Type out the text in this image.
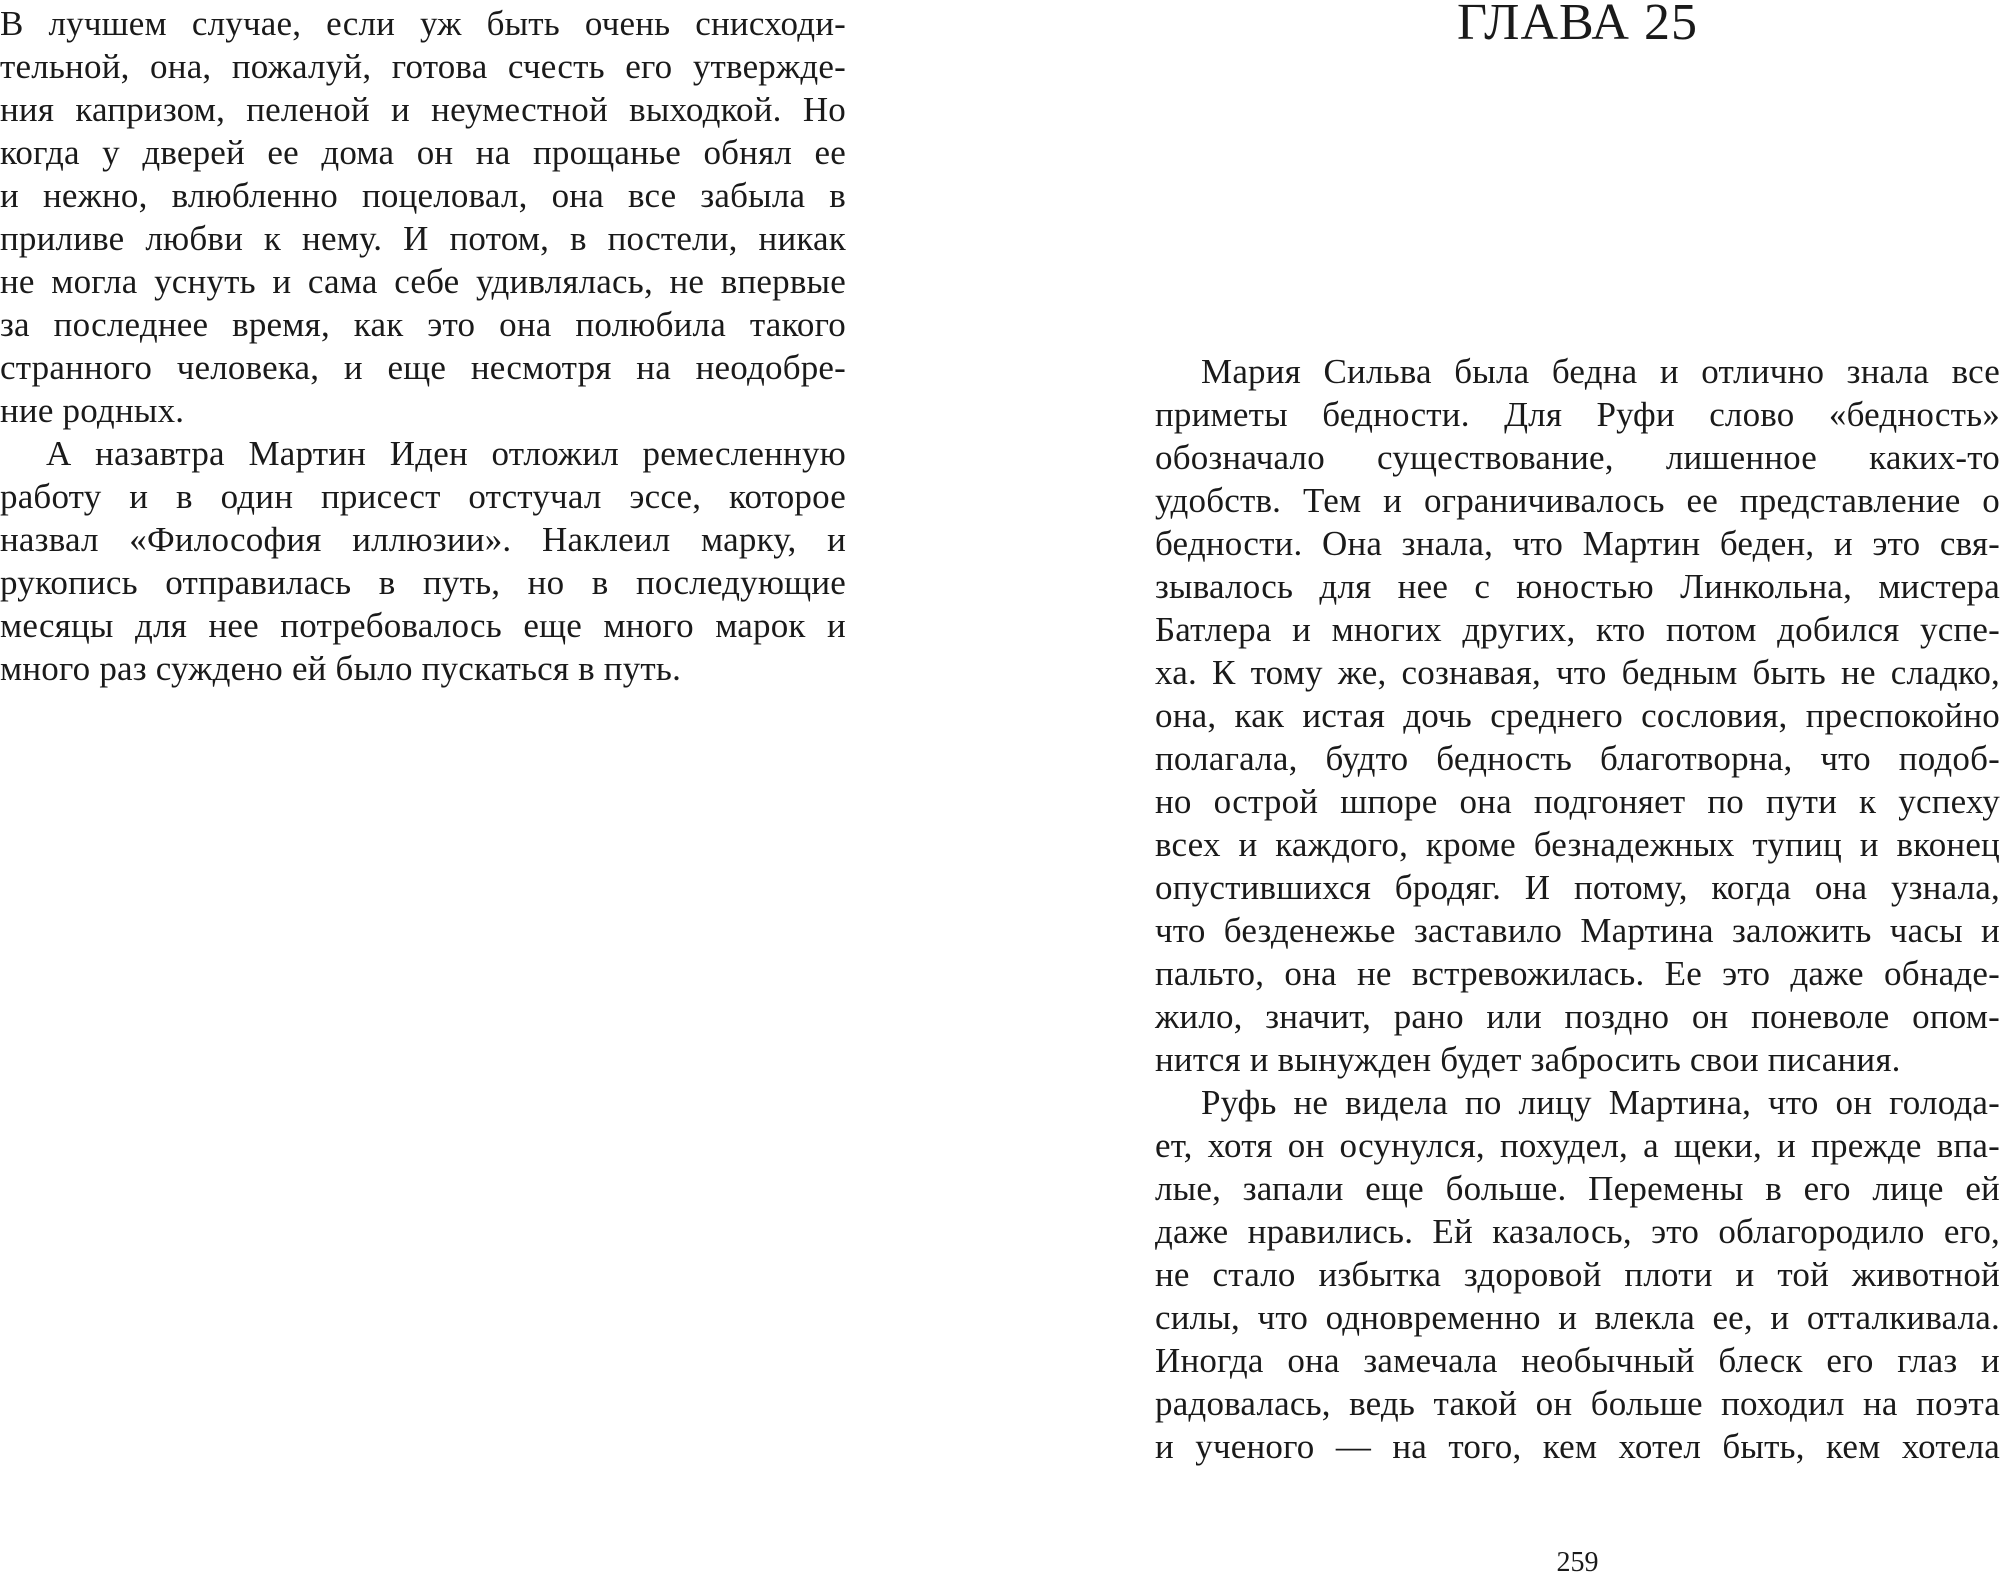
В лучшем случае, если уж быть очень снисходи-
тельной, она, пожалуй, готова счесть его утвержде-
ния капризом, пеленой и неуместной выходкой. Но
когда у дверей ее дома он на прощанье обнял ее
и нежно, влюбленно поцеловал, она все забыла в
приливе любви к нему. И потом, в постели, никак
не могла уснуть и сама себе удивлялась, не впервые
за последнее время, как это она полюбила такого
странного человека, и еще несмотря на неодобре-
ние родных.
А назавтра Мартин Иден отложил ремесленную
работу и в один присест отстучал эссе, которое
назвал «Философия иллюзии». Наклеил марку, и
рукопись отправилась в путь, но в последующие
месяцы для нее потребовалось еще много марок и
много раз суждено ей было пускаться в путь.
ГЛАВА 25
Мария Сильва была бедна и отлично знала все
приметы бедности. Для Руфи слово «бедность»
обозначало существование, лишенное каких-то
удобств. Тем и ограничивалось ее представление о
бедности. Она знала, что Мартин беден, и это свя-
зывалось для нее с юностью Линкольна, мистера
Батлера и многих других, кто потом добился успе-
ха. К тому же, сознавая, что бедным быть не сладко,
она, как истая дочь среднего сословия, преспокойно
полагала, будто бедность благотворна, что подоб-
но острой шпоре она подгоняет по пути к успеху
всех и каждого, кроме безнадежных тупиц и вконец
опустившихся бродяг. И потому, когда она узнала,
что безденежье заставило Мартина заложить часы и
пальто, она не встревожилась. Ее это даже обнаде-
жило, значит, рано или поздно он поневоле опом-
нится и вынужден будет забросить свои писания.
Руфь не видела по лицу Мартина, что он голода-
ет, хотя он осунулся, похудел, а щеки, и прежде впа-
лые, запали еще больше. Перемены в его лице ей
даже нравились. Ей казалось, это облагородило его,
не стало избытка здоровой плоти и той животной
силы, что одновременно и влекла ее, и отталкивала.
Иногда она замечала необычный блеск его глаз и
радовалась, ведь такой он больше походил на поэта
и ученого — на того, кем хотел быть, кем хотела
259
